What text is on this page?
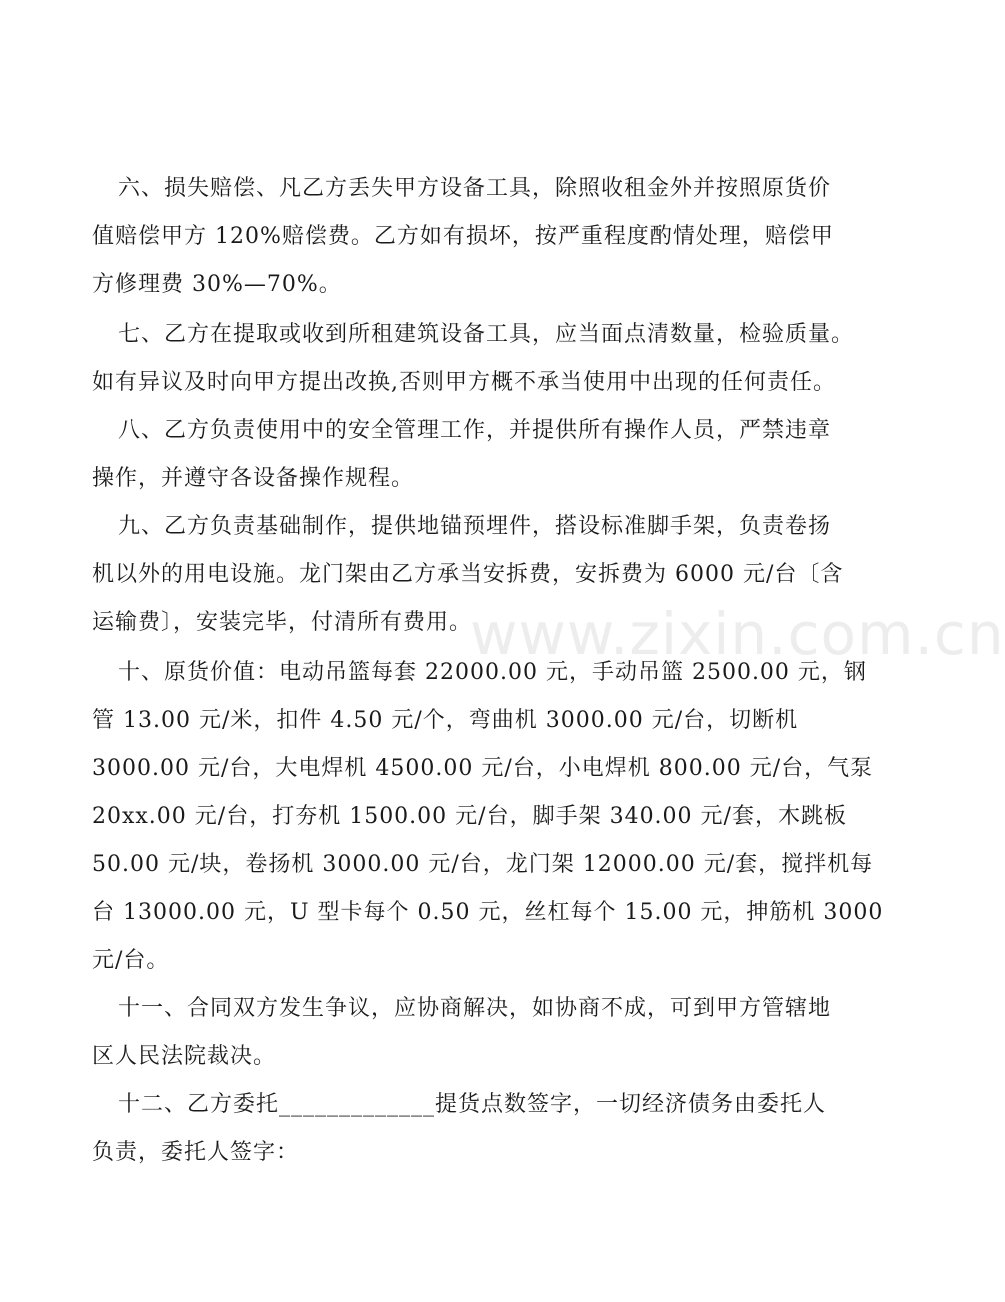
六、损失赔偿、凡乙方丢失甲方设备工具，除照收租金外并按照原货价
值赔偿甲方 120%赔偿费。乙方如有损坏，按严重程度酌情处理，赔偿甲
方修理费 30%—70%。
七、乙方在提取或收到所租建筑设备工具，应当面点清数量，检验质量。
如有异议及时向甲方提出改换,否则甲方概不承当使用中出现的任何责任。
八、乙方负责使用中的安全管理工作，并提供所有操作人员，严禁违章
操作，并遵守各设备操作规程。
九、乙方负责基础制作，提供地锚预埋件，搭设标准脚手架，负责卷扬
机以外的用电设施。龙门架由乙方承当安拆费，安拆费为 6000 元/台〔含
运输费〕，安装完毕，付清所有费用。
十、原货价值：电动吊篮每套 22000.00 元，手动吊篮 2500.00 元，钢
管 13.00 元/米，扣件 4.50 元/个，弯曲机 3000.00 元/台，切断机
3000.00 元/台，大电焊机 4500.00 元/台，小电焊机 800.00 元/台，气泵
20xx.00 元/台，打夯机 1500.00 元/台，脚手架 340.00 元/套，木跳板
50.00 元/块，卷扬机 3000.00 元/台，龙门架 12000.00 元/套，搅拌机每
台 13000.00 元，U 型卡每个 0.50 元，丝杠每个 15.00 元，抻筋机 3000
元/台。
十一、合同双方发生争议，应协商解决，如协商不成，可到甲方管辖地
区人民法院裁决。
十二、乙方委托_____________提货点数签字，一切经济债务由委托人
负责，委托人签字：
www.zixin.com.cn
